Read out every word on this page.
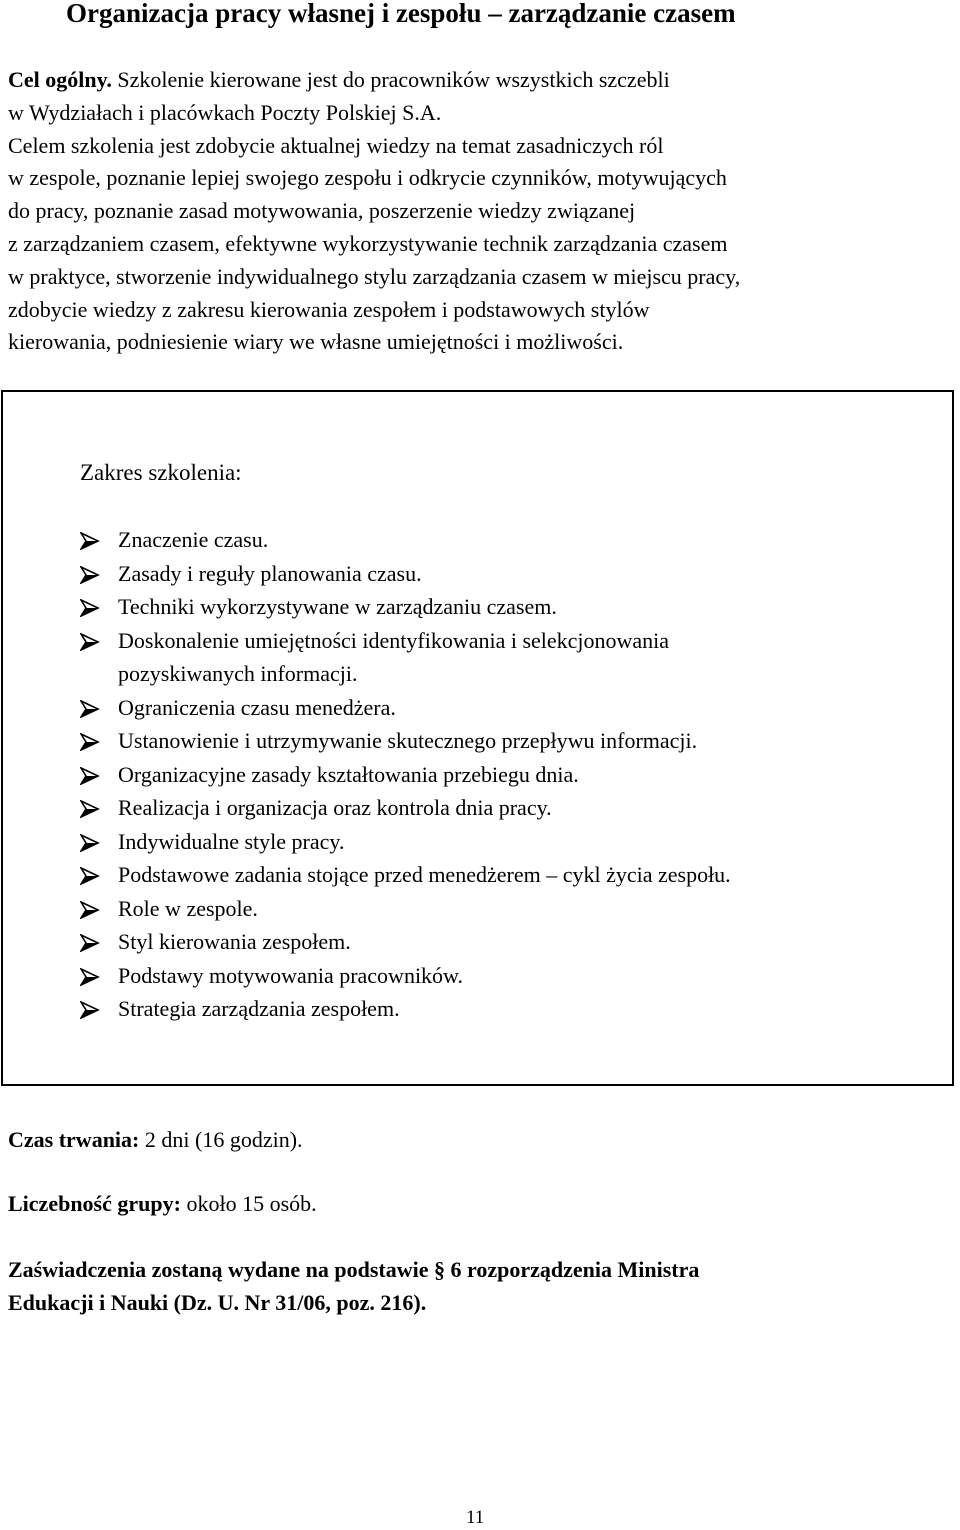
Organizacja pracy własnej i zespołu – zarządzanie czasem
Cel ogólny. Szkolenie kierowane jest do pracowników wszystkich szczebli
w Wydziałach i placówkach Poczty Polskiej S.A.
Celem szkolenia jest zdobycie aktualnej wiedzy na temat zasadniczych ról
w zespole, poznanie lepiej swojego zespołu i odkrycie czynników, motywujących
do pracy, poznanie zasad motywowania, poszerzenie wiedzy związanej
z zarządzaniem czasem, efektywne wykorzystywanie technik zarządzania czasem
w praktyce, stworzenie indywidualnego stylu zarządzania czasem w miejscu pracy,
zdobycie wiedzy z zakresu kierowania zespołem i podstawowych stylów
kierowania, podniesienie wiary we własne umiejętności i możliwości.
Zakres szkolenia:
Znaczenie czasu.
Zasady i reguły planowania czasu.
Techniki wykorzystywane w zarządzaniu czasem.
Doskonalenie umiejętności identyfikowania i selekcjonowania
pozyskiwanych informacji.
Ograniczenia czasu menedżera.
Ustanowienie i utrzymywanie skutecznego przepływu informacji.
Organizacyjne zasady kształtowania przebiegu dnia.
Realizacja i organizacja oraz kontrola dnia pracy.
Indywidualne style pracy.
Podstawowe zadania stojące przed menedżerem – cykl życia zespołu.
Role w zespole.
Styl kierowania zespołem.
Podstawy motywowania pracowników.
Strategia zarządzania zespołem.
Czas trwania: 2 dni (16 godzin).
Liczebność grupy: około 15 osób.
Zaświadczenia zostaną wydane na podstawie § 6 rozporządzenia Ministra
Edukacji i Nauki (Dz. U. Nr 31/06, poz. 216).
11
